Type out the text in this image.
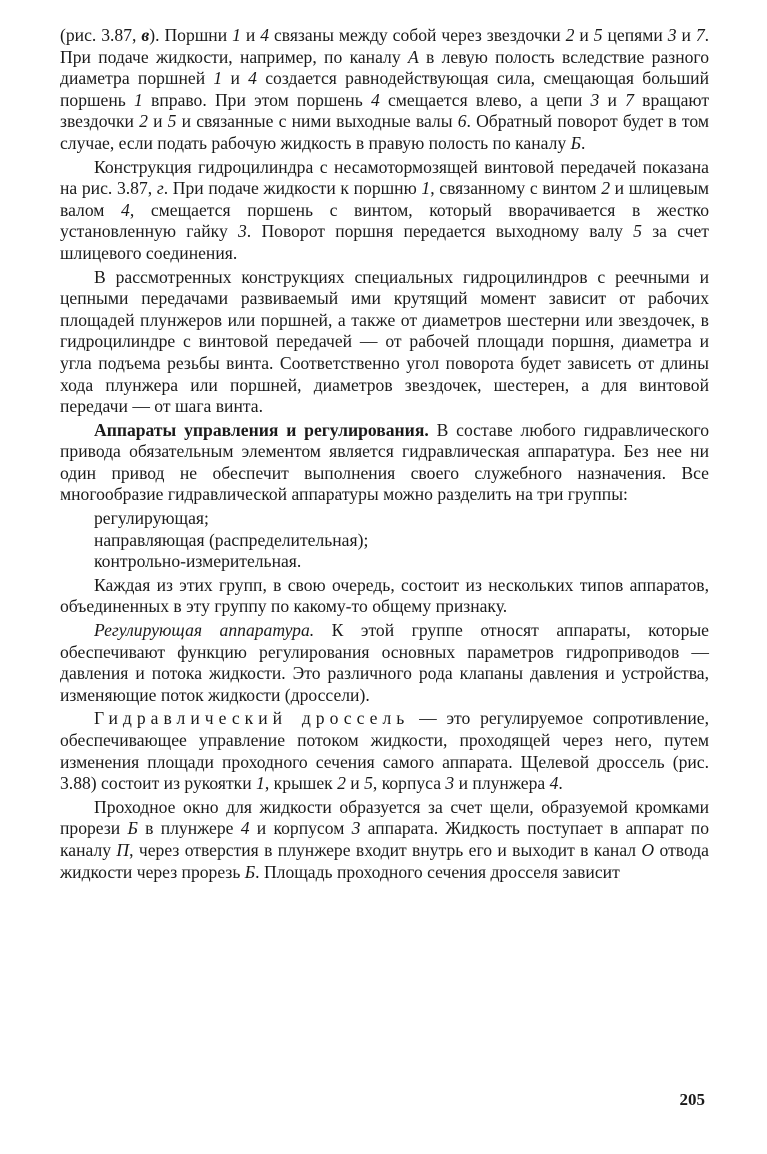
(рис. 3.87, в). Поршни 1 и 4 связаны между собой через звездочки 2 и 5 цепями 3 и 7. При подаче жидкости, например, по каналу А в левую полость вследствие разного диаметра поршней 1 и 4 создается равнодействующая сила, смещающая больший поршень 1 вправо. При этом поршень 4 смещается влево, а цепи 3 и 7 вращают звездочки 2 и 5 и связанные с ними выходные валы 6. Обратный поворот будет в том случае, если подать рабочую жидкость в правую полость по каналу Б.

Конструкция гидроцилиндра с несамотормозящей винтовой передачей показана на рис. 3.87, г. При подаче жидкости к поршню 1, связанному с винтом 2 и шлицевым валом 4, смещается поршень с винтом, который вворачивается в жестко установленную гайку 3. Поворот поршня передается выходному валу 5 за счет шлицевого соединения.

В рассмотренных конструкциях специальных гидроцилиндров с реечными и цепными передачами развиваемый ими крутящий момент зависит от рабочих площадей плунжеров или поршней, а также от диаметров шестерни или звездочек, в гидроцилиндре с винтовой передачей — от рабочей площади поршня, диаметра и угла подъема резьбы винта. Соответственно угол поворота будет зависеть от длины хода плунжера или поршней, диаметров звездочек, шестерен, а для винтовой передачи — от шага винта.

Аппараты управления и регулирования. В составе любого гидравлического привода обязательным элементом является гидравлическая аппаратура. Без нее ни один привод не обеспечит выполнения своего служебного назначения. Все многообразие гидравлической аппаратуры можно разделить на три группы:

регулирующая;
направляющая (распределительная);
контрольно-измерительная.

Каждая из этих групп, в свою очередь, состоит из нескольких типов аппаратов, объединенных в эту группу по какому-то общему признаку.

Регулирующая аппаратура. К этой группе относят аппараты, которые обеспечивают функцию регулирования основных параметров гидроприводов — давления и потока жидкости. Это различного рода клапаны давления и устройства, изменяющие поток жидкости (дроссели).

Гидравлический дроссель — это регулируемое сопротивление, обеспечивающее управление потоком жидкости, проходящей через него, путем изменения площади проходного сечения самого аппарата. Щелевой дроссель (рис. 3.88) состоит из рукоятки 1, крышек 2 и 5, корпуса 3 и плунжера 4.

Проходное окно для жидкости образуется за счет щели, образуемой кромками прорези Б в плунжере 4 и корпусом 3 аппарата. Жидкость поступает в аппарат по каналу П, через отверстия в плунжере входит внутрь его и выходит в канал О отвода жидкости через прорезь Б. Площадь проходного сечения дросселя зависит

205
